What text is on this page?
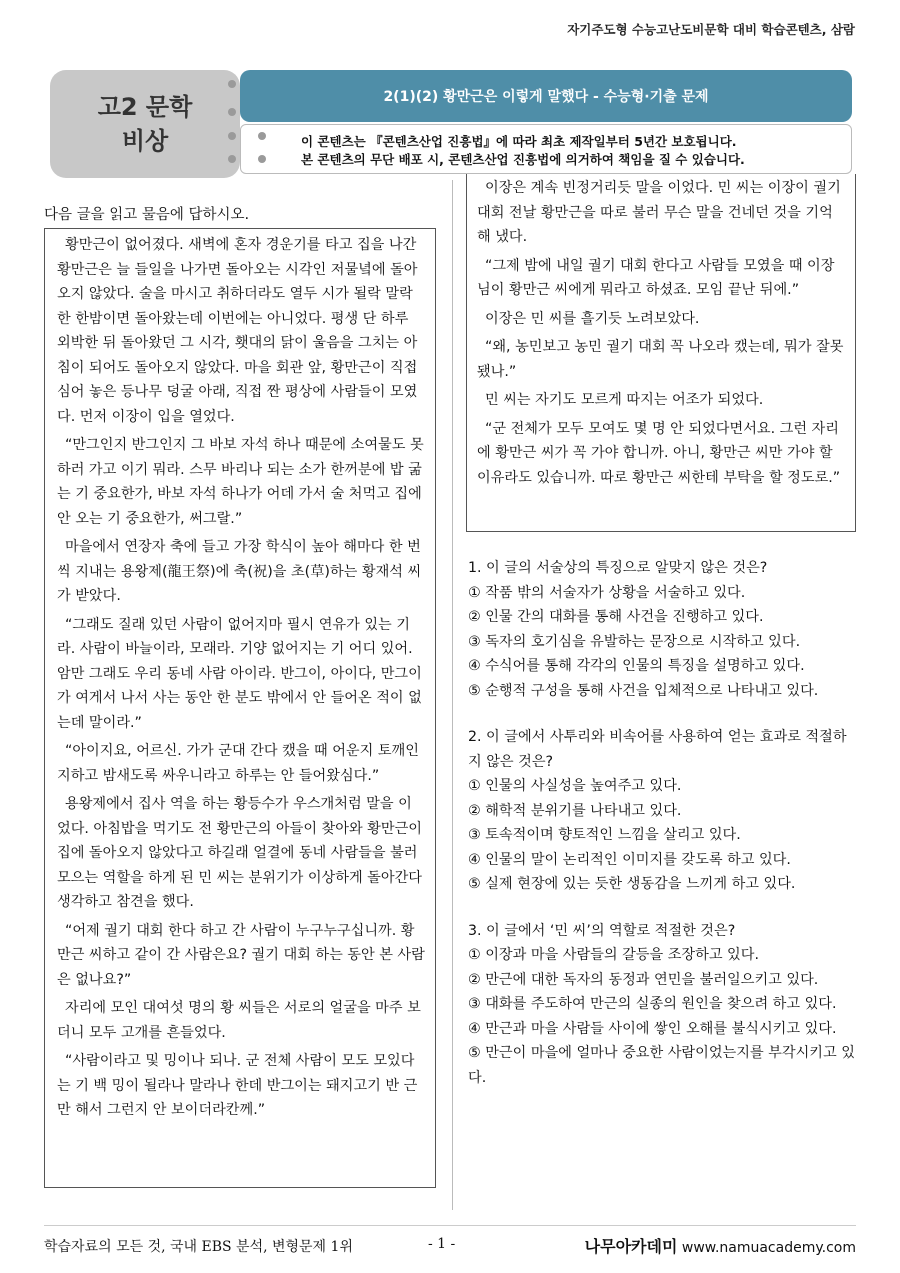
자기주도형 수능고난도비문학 대비 학습콘텐츠, 삼람
고2 문학
비상
2(1)(2) 황만근은 이렇게 말했다 - 수능형·기출 문제
이 콘텐츠는 『콘텐츠산업 진흥법』에 따라 최초 제작일부터 5년간 보호됩니다.
본 콘텐츠의 무단 배포 시, 콘텐츠산업 진흥법에 의거하여 책임을 질 수 있습니다.
다음 글을 읽고 물음에 답하시오.

황만근이 없어졌다. 새벽에 혼자 경운기를 타고 집을 나간 황만근은 늘 들일을 나가면 돌아오는 시각인 저물녘에 돌아오지 않았다. 술을 마시고 취하더라도 열두 시가 될락 말락 한 한밤이면 돌아왔는데 이번에는 아니었다. 평생 단 하루 외박한 뒤 돌아왔던 그 시각, 횃대의 닭이 울음을 그치는 아침이 되어도 돌아오지 않았다. 마을 회관 앞, 황만근이 직접 심어 놓은 등나무 덩굴 아래, 직접 짠 평상에 사람들이 모였다. 먼저 이장이 입을 열었다.

“만그인지 반그인지 그 바보 자석 하나 때문에 소여물도 못 하러 가고 이기 뭐라. 스무 바리나 되는 소가 한꺼분에 밥 굶는 기 중요한가, 바보 자석 하나가 어데 가서 술 처먹고 집에 안 오는 기 중요한가, 써그랄.”

마을에서 연장자 축에 들고 가장 학식이 높아 해마다 한 번씩 지내는 용왕제(龍王祭)에 축(祝)을 초(草)하는 황재석 씨가 받았다.

“그래도 질래 있던 사람이 없어지마 필시 연유가 있는 기라. 사람이 바늘이라, 모래라. 기양 없어지는 기 어디 있어. 암만 그래도 우리 동네 사람 아이라. 반그이, 아이다, 만그이가 여게서 나서 사는 동안 한 분도 밖에서 안 들어온 적이 없는데 말이라.”

“아이지요, 어르신. 가가 군대 간다 캤을 때 어운지 토깨인지하고 밤새도록 싸우니라고 하루는 안 들어왔심다.”

용왕제에서 집사 역을 하는 황등수가 우스개처럼 말을 이었다. 아침밥을 먹기도 전 황만근의 아들이 찾아와 황만근이 집에 돌아오지 않았다고 하길래 얼결에 동네 사람들을 불러 모으는 역할을 하게 된 민 씨는 분위기가 이상하게 돌아간다 생각하고 참견을 했다.

“어제 궐기 대회 한다 하고 간 사람이 누구누구십니까. 황만근 씨하고 같이 간 사람은요? 궐기 대회 하는 동안 본 사람은 없나요?”

자리에 모인 대여섯 명의 황 씨들은 서로의 얼굴을 마주 보더니 모두 고개를 흔들었다.

“사람이라고 및 밍이나 되나. 군 전체 사람이 모도 모있다는 기 백 밍이 될라나 말라나 한데 반그이는 돼지고기 반 근만 해서 그런지 안 보이더라칸께.”

이장은 계속 빈정거리듯 말을 이었다. 민 씨는 이장이 궐기 대회 전날 황만근을 따로 불러 무슨 말을 건네던 것을 기억해 냈다.

“그제 밤에 내일 궐기 대회 한다고 사람들 모였을 때 이장님이 황만근 씨에게 뭐라고 하셨죠. 모임 끝난 뒤에.”

이장은 민 씨를 흘기듯 노려보았다.

“왜, 농민보고 농민 궐기 대회 꼭 나오라 캤는데, 뭐가 잘못됐나.”

민 씨는 자기도 모르게 따지는 어조가 되었다.

“군 전체가 모두 모여도 몇 명 안 되었다면서요. 그런 자리에 황만근 씨가 꼭 가야 합니까. 아니, 황만근 씨만 가야 할 이유라도 있습니까. 따로 황만근 씨한테 부탁을 할 정도로.”

1. 이 글의 서술상의 특징으로 알맞지 않은 것은?

① 작품 밖의 서술자가 상황을 서술하고 있다.

② 인물 간의 대화를 통해 사건을 진행하고 있다.

③ 독자의 호기심을 유발하는 문장으로 시작하고 있다.

④ 수식어를 통해 각각의 인물의 특징을 설명하고 있다.

⑤ 순행적 구성을 통해 사건을 입체적으로 나타내고 있다.

2. 이 글에서 사투리와 비속어를 사용하여 얻는 효과로 적절하지 않은 것은?

① 인물의 사실성을 높여주고 있다.

② 해학적 분위기를 나타내고 있다.

③ 토속적이며 향토적인 느낌을 살리고 있다.

④ 인물의 말이 논리적인 이미지를 갖도록 하고 있다.

⑤ 실제 현장에 있는 듯한 생동감을 느끼게 하고 있다.

3. 이 글에서 ‘민 씨’의 역할로 적절한 것은?

① 이장과 마을 사람들의 갈등을 조장하고 있다.

② 만근에 대한 독자의 동정과 연민을 불러일으키고 있다.

③ 대화를 주도하여 만근의 실종의 원인을 찾으려 하고 있다.

④ 만근과 마을 사람들 사이에 쌓인 오해를 불식시키고 있다.

⑤ 만근이 마을에 얼마나 중요한 사람이었는지를 부각시키고 있다.

학습자료의 모든 것, 국내 EBS 분석, 변형문제 1위	- 1 -	나무아카데미 www.namuacademy.com
